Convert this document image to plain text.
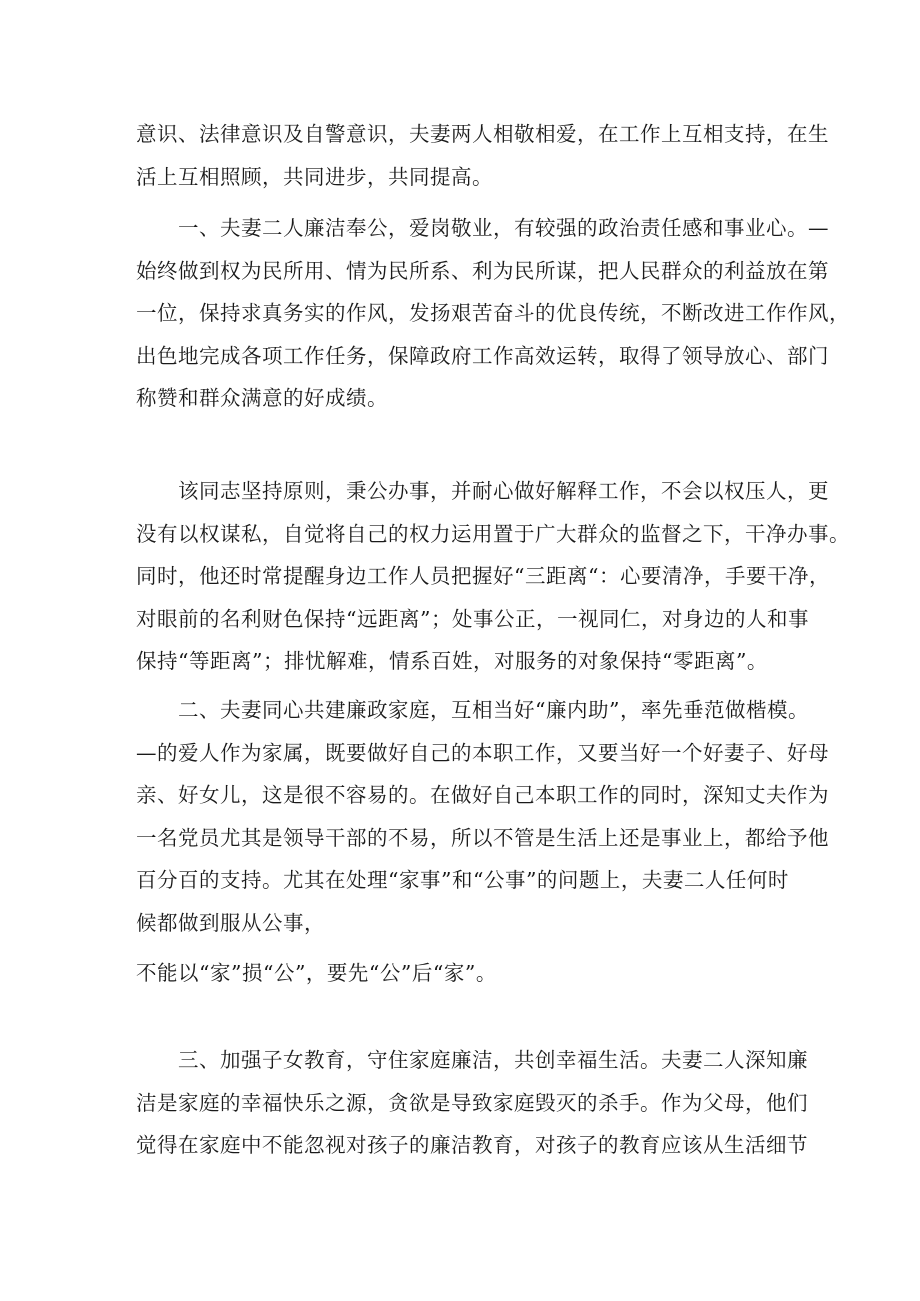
意识、法律意识及自警意识，夫妻两人相敬相爱，在工作上互相支持，在生
活上互相照顾，共同进步，共同提高。
　　一、夫妻二人廉洁奉公，爱岗敬业，有较强的政治责任感和事业心。—
始终做到权为民所用、情为民所系、利为民所谋，把人民群众的利益放在第
一位，保持求真务实的作风，发扬艰苦奋斗的优良传统，不断改进工作作风，
出色地完成各项工作任务，保障政府工作高效运转，取得了领导放心、部门
称赞和群众满意的好成绩。
　　该同志坚持原则，秉公办事，并耐心做好解释工作，不会以权压人，更
没有以权谋私，自觉将自己的权力运用置于广大群众的监督之下，干净办事。
同时，他还时常提醒身边工作人员把握好“三距离“：心要清净，手要干净，
对眼前的名利财色保持“远距离”；处事公正，一视同仁，对身边的人和事
保持“等距离”；排忧解难，情系百姓，对服务的对象保持“零距离”。
　　二、夫妻同心共建廉政家庭，互相当好“廉内助”，率先垂范做楷模。
—的爱人作为家属，既要做好自己的本职工作，又要当好一个好妻子、好母
亲、好女儿，这是很不容易的。在做好自己本职工作的同时，深知丈夫作为
一名党员尤其是领导干部的不易，所以不管是生活上还是事业上，都给予他
百分百的支持。尤其在处理“家事”和“公事”的问题上，夫妻二人任何时
候都做到服从公事，
不能以“家”损“公”，要先“公”后“家”。
　　三、加强子女教育，守住家庭廉洁，共创幸福生活。夫妻二人深知廉
洁是家庭的幸福快乐之源，贪欲是导致家庭毁灭的杀手。作为父母，他们
觉得在家庭中不能忽视对孩子的廉洁教育，对孩子的教育应该从生活细节
